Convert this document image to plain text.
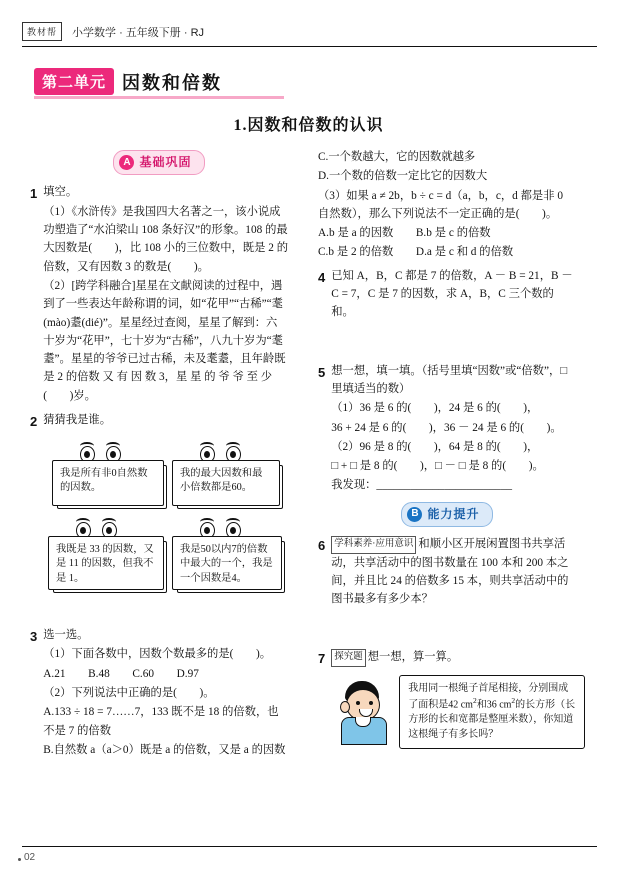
教材帮	小学数学 · 五年级下册 · RJ
第二单元 因数和倍数
1.因数和倍数的认识
A 基础巩固
1 填空。

（1）《水浒传》是我国四大名著之一，该小说成功塑造了“水泊梁山 108 条好汉”的形象。108 的最大因数是(　　)，比 108 小的三位数中，既是 2 的倍数，又有因数 3 的数是(　　)。

（2）[跨学科融合]星星在文献阅读的过程中，遇到了一些表达年龄称谓的词，如“花甲”“古稀”“耄(mào)耋(dié)”。星星经过查阅，星星了解到：六十岁为“花甲”，七十岁为“古稀”，八九十岁为“耄耋”。星星的爷爷已过古稀，未及耄耋，且年龄既是 2 的倍数 又 有 因 数 3，星 星 的 爷 爷 至 少(　　)岁。

2 猜猜我是谁。

我是所有非0自然数的因数。
我的最大因数和最小倍数都是60。
我既是 33 的因数，又是 11 的因数，但我不是 1。
我是50以内7的倍数中最大的一个，我是一个因数是4。
3 选一选。

（1）下面各数中，因数个数最多的是(　　)。

A.21　　B.48　　C.60　　D.97

（2）下列说法中正确的是(　　)。

A.133 ÷ 18 = 7……7，133 既不是 18 的倍数，也不是 7 的倍数

B.自然数 a（a＞0）既是 a 的倍数，又是 a 的因数

C.一个数越大，它的因数就越多

D.一个数的倍数一定比它的因数大

（3）如果 a ≠ 2b，b ÷ c = d（a，b，c，d 都是非 0 自然数），那么下列说法不一定正确的是(　　)。

A.b 是 a 的因数　　B.b 是 c 的倍数

C.b 是 2 的倍数　　D.a 是 c 和 d 的倍数

4 已知 A，B，C 都是 7 的倍数，A － B = 21，B － C = 7，C 是 7 的因数，求 A，B，C 三个数的和。

5 想一想，填一填。（括号里填“因数”或“倍数”，□里填适当的数）

（1）36 是 6 的(　　)，24 是 6 的(　　)，

36 + 24 是 6 的(　　)，36 － 24 是 6 的(　　)。

（2）96 是 8 的(　　)，64 是 8 的(　　)，

□ + □ 是 8 的(　　)，□ － □ 是 8 的(　　)。

我发现：________________________

B 能力提升
6 学科素养·应用意识 和顺小区开展闲置图书共享活动，共享活动中的图书数量在 100 本和 200 本之间，并且比 24 的倍数多 15 本，则共享活动中的图书最多有多少本？

7 探究题 想一想，算一算。

我用同一根绳子首尾相接，分别围成了面积是42 $cm^2$和36 $cm^2$的长方形（长方形的长和宽都是整厘米数），你知道这根绳子有多长吗？
02
